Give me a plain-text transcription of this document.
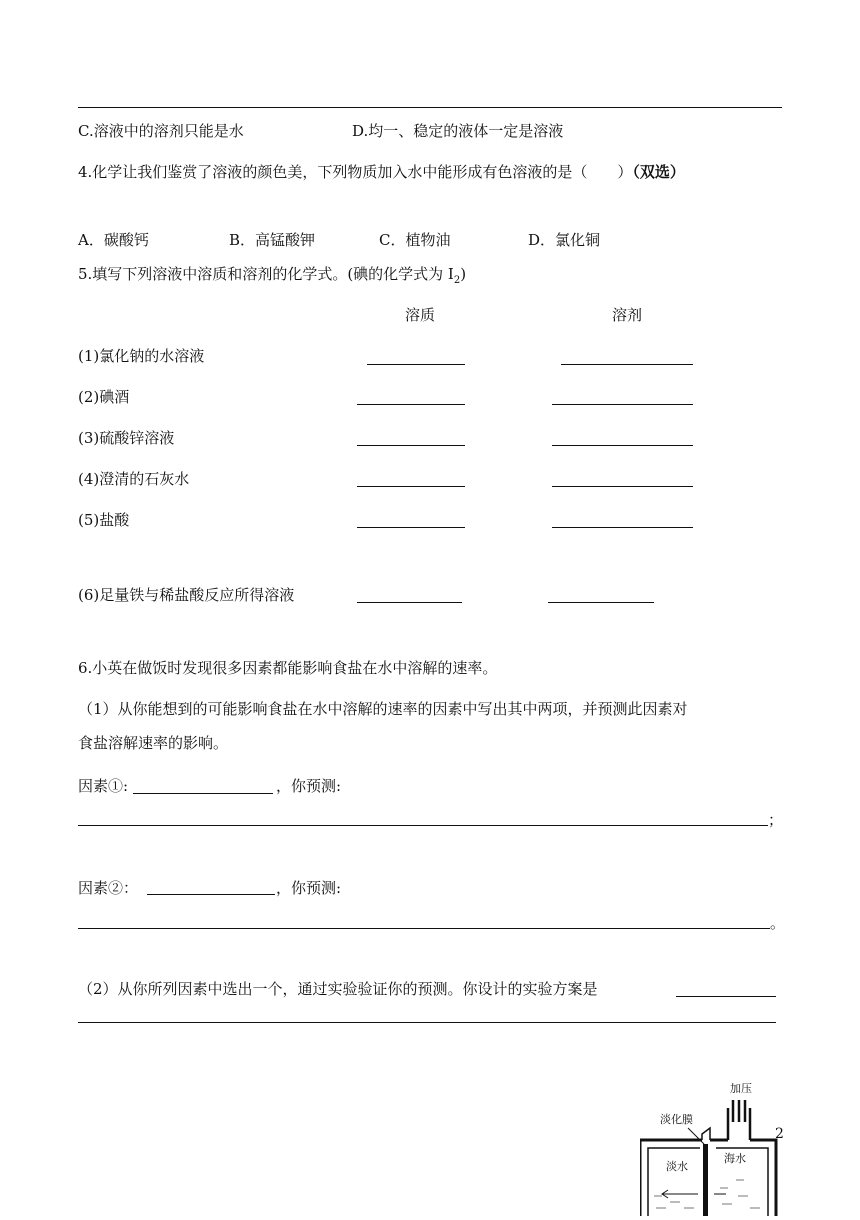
C.溶液中的溶剂只能是水	D.均一、稳定的液体一定是溶液
4.化学让我们鉴赏了溶液的颜色美，下列物质加入水中能形成有色溶液的是（　　）（双选）
A．碳酸钙	B．高锰酸钾	C．植物油	D．氯化铜
5.填写下列溶液中溶质和溶剂的化学式。(碘的化学式为 $I_2$)
溶质	溶剂
(1)氯化钠的水溶液
(2)碘酒
(3)硫酸锌溶液
(4)澄清的石灰水
(5)盐酸
(6)足量铁与稀盐酸反应所得溶液
6.小英在做饭时发现很多因素都能影响食盐在水中溶解的速率。
（1）从你能想到的可能影响食盐在水中溶解的速率的因素中写出其中两项，并预测此因素对
食盐溶解速率的影响。
因素①:	，你预测:
；
因素②：	，你预测:
。
（2）从你所列因素中选出一个，通过实验验证你的预测。你设计的实验方案是
2
加压
淡化膜
淡水
海水
